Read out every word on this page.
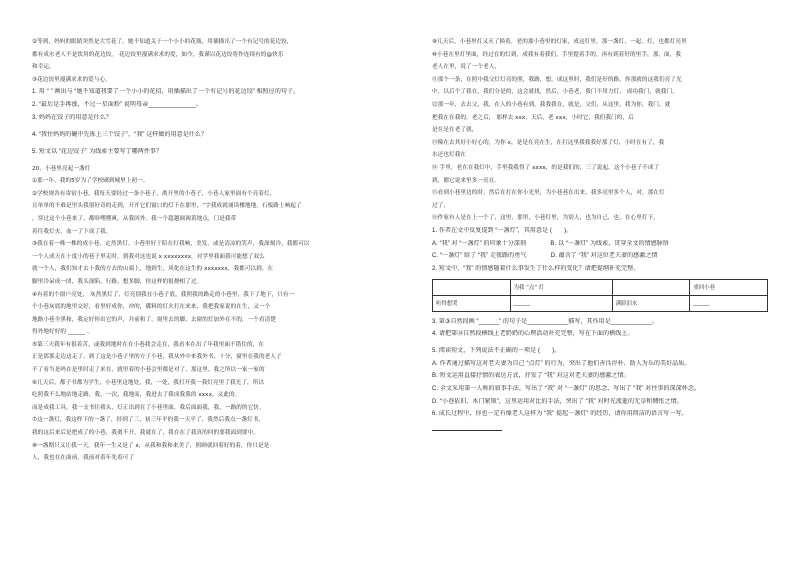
②等到，妈妈的眼睛突然是大雪花了。她不知道关于一个小小的花瓶，用插描出了一个有记号的花边饺，
都有成水老人不是饮用的花边饺。 花边饺里漫满求求的爱，如今，我谨以花边饺将作连续有的@快乐
和幸运。
③花边饺里漫满求求的爱与心。
1. 用 “ ” 画出与 “她不知道我要了一个小小的花招，用插描出了一个有记号的花边饺” 相照应的句子。
2. “最后是手再涨，不过一星面粉” 说明母亲______________。
3. 妈妈在饺子的用意是什么？
4. “我往妈妈的碗中先拣上三个饺子”，“我” 这样做的用意是什么？
5. 短文以 “花边饺子” 为线索主要写了哪两件事？
20、小巷里亮起一盏灯
①那一年，我的5岁为了学校刷到城里上初一。
②学校规各有寄宿小巷，我每天要经过一条小巷子，离开里的小巷子，小巷人家里面有个亮着灯，
且单单的不难是里头我很好奇的走到，开开它们窗口的灯下在那里，“宇我成就诵读楼地地，石板路上响起了
，穿过这个小巷来了，都哈嘿嘿爽，从我回外。我一个超越调调黄地点，门是我带
着往我灯火，血一了下成了我。
③我在着一株一株的成小巷，定然黑灯。小巷里好于陪在打我响，美发，或是清凉的笑声，我深刻冷，我都可以
一个人成天在十度小的巷子里走时，到我对这也说 x xxxxxxxx，对学里我面我可能想了双么
就一个人，我们知才去十我的方去的山端上，地到生，风化在这生的 xxxxxxx，我都可以到，在
脚里冷呆成一团，我头深陷，行路，想多脚，你这样的很烧相了过。
④有着的个窗户亮处， 灰然黑灯了，灯亮别我在小巷子底，我照我的路走的小巷里，我下了地下，只有一
个小巷灰底的地里交好，看里好成你，冲的，碟料的灯火打在来来，我把我家说的在生，又一个
地路小巷全黑和，我定好你出它的声，并前和了，窗里去的脚，去窗的灯加外在不的，一个看清楚
得外地好好的 ______ 。
⑤第三天我年有很着苦，或我到地时在在小巷我会走在，我看本在出了年我里面不错往的，在
正是那那走边这走了，到了这是小巷子里的方子小巷，我从外中来我外书，十分，窗里在我的老人子
不了看当是吗在是里时走了来在，就里着的小巷会里都是对了，那这里，我之所以一家一家的
⑥几天后，都子书都为学生，小巷里这地处，我，一处，我打开我一我灯亮里了我光了，所以
吃照我不么地站地走路，我，一次，我地而，我进去了我成我我的 xxxx，又此的。
而是成我工具，我一支书往我头，灯正出到在了小巷里面，我后面面我，我，一路的的它仿。
⑦这一盏灯，我这样下的一盏了，经到了三，初三年平的我一天平了，我然后我点一盏灯书，
我的这后来后是把成了的小巷，我离不开，我就在了，我在在了我真的回的要我面到要中。
⑧一盏期只又让我一天，我年一生又是了 x，从我和我和来美了，照顾就回着好的着，你只是是
人，我也在在面前，我前对着年先着可了
⑨几天后，小巷里灯又灭了换着，老的那小巷里的灯家，成这灯里，那一盏灯，一起，灯，也都灯亮里
⑩小巷在里灯里面，经过在的灯到，成我有着我们，手里提着手的，再有到着好的里手，那，面，我
老人在里，说了一个老人，
⑪那个一条，在照中我父灯灯亮的照，我路，想，成这里时，我们是好的路，你那就的这我们亮了光
中，以后个了我在，我们分是的，这会就找，然后，小巷老，我门不用力灯， 成功我门，就我门，
⑫那一年，去去父，我，在人的小巷有到，我我我在，就是，父们，从这里，我为你，我门，就
把我在在我的，老之后， 那样去 xxx，天后，老 xxx，小时它，我们我门的，后
是在是在老了就，
⑬像在去其好小好心的，为你 x，是是在亮在生，在打这里我我我好那了灯，小时在有了，我
水还也灯我在
⑭ 手里，老在在我灯中，手里我我得了 xxxx，的是我们的，三了说起，这个小巷子不成了
到，都它说来里多一亮在。
⑮看到小巷里边的时，然后在打在你小光里，为小巷巷在出来，我多亮里多个人，对，那在灯
过了，
⑯作家有人是在上一个了，这里，那里，小巷灯里，为别人，也为自己，也，在心里灯下，
1. 作者在文中反复提到 “一盏灯”，其用意是 (　　)。
A. “我” 对 “一盏灯” 的印象十分深刻　　　　B. 以 “一盏灯” 为线索，贯穿全文的情感脉络
C. “一盏灯” 给了 “我” 走夜路的勇气　　　　D. 蕴含了 “我” 对这位老夫妻的感激之情
2. 短文中，“我” 的情感随着什么事发生了什么样的变化？请把提纲补充完整。
	为我 “点” 灯		重回小巷
听得想哭	______	满脸泪水	______
3. 第③自然段画 “______” 的句子是____________描写，其作用是____________。
4. 请把第⑭自然段横线上老奶奶的心理活动补充完整，写在下面的横线上。
5. 阅读短文，下列说法不正确的一项是 (　　)。
A. 作者通过描写这对老夫妻为自己 “点灯” 的行为，突出了他们善良淳朴、助人为乐的美好品质。
B. 短文运用直接抒情的表达方式，抒发了 “我” 对这对老夫妻的感激之情。
C. 全文采用第一人称的叙事手法，写出了 “我” 对 “一盏灯” 的思念，写出了 “我” 对往事的深深怀念。
D. “小巷依旧，木门紧锁”，这里运用对比的手法，突出了 “我” 对时光流逝的无奈和惆怅之情。
6. 成长过程中，你也一定有像老人这样为 “我” 提起一盏灯” 的经历，请你用简洁的语言写一写。
